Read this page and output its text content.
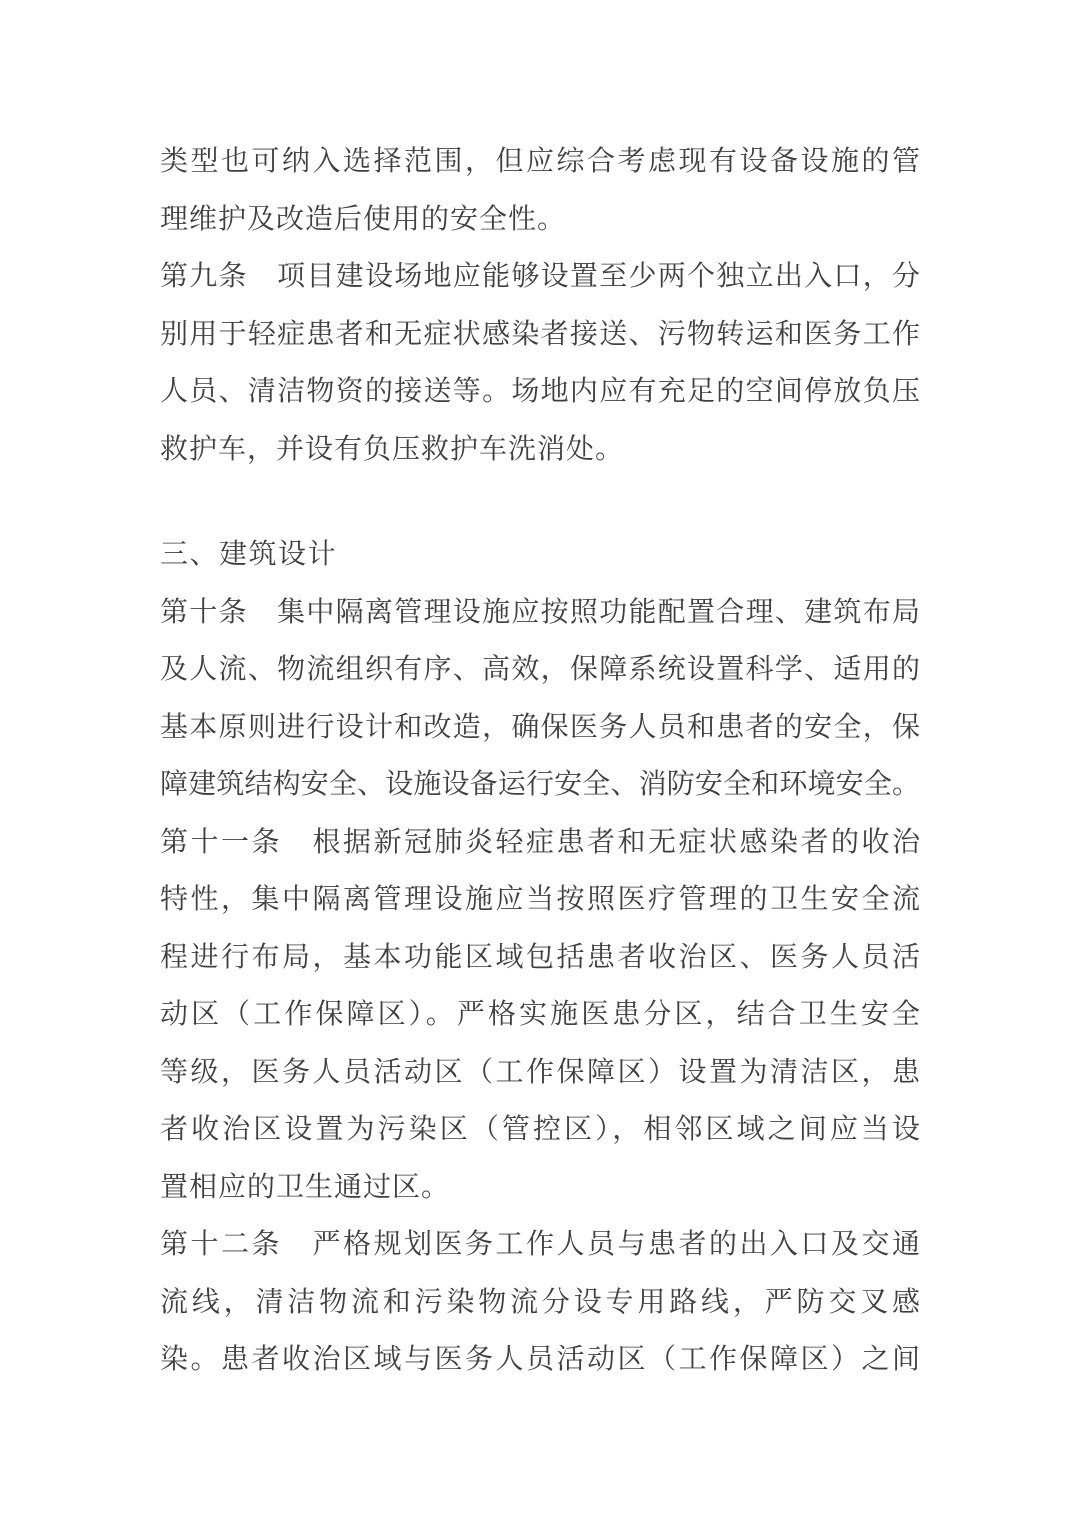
类型也可纳入选择范围，但应综合考虑现有设备设施的管
理维护及改造后使用的安全性。
第九条　项目建设场地应能够设置至少两个独立出入口，分
别用于轻症患者和无症状感染者接送、污物转运和医务工作
人员、清洁物资的接送等。场地内应有充足的空间停放负压
救护车，并设有负压救护车洗消处。
三、建筑设计
第十条　集中隔离管理设施应按照功能配置合理、建筑布局
及人流、物流组织有序、高效，保障系统设置科学、适用的
基本原则进行设计和改造，确保医务人员和患者的安全，保
障建筑结构安全、设施设备运行安全、消防安全和环境安全。
第十一条　根据新冠肺炎轻症患者和无症状感染者的收治
特性，集中隔离管理设施应当按照医疗管理的卫生安全流
程进行布局，基本功能区域包括患者收治区、医务人员活
动区（工作保障区）。严格实施医患分区，结合卫生安全
等级，医务人员活动区（工作保障区）设置为清洁区，患
者收治区设置为污染区（管控区），相邻区域之间应当设
置相应的卫生通过区。
第十二条　严格规划医务工作人员与患者的出入口及交通
流线，清洁物流和污染物流分设专用路线，严防交叉感
染。患者收治区域与医务人员活动区（工作保障区）之间
